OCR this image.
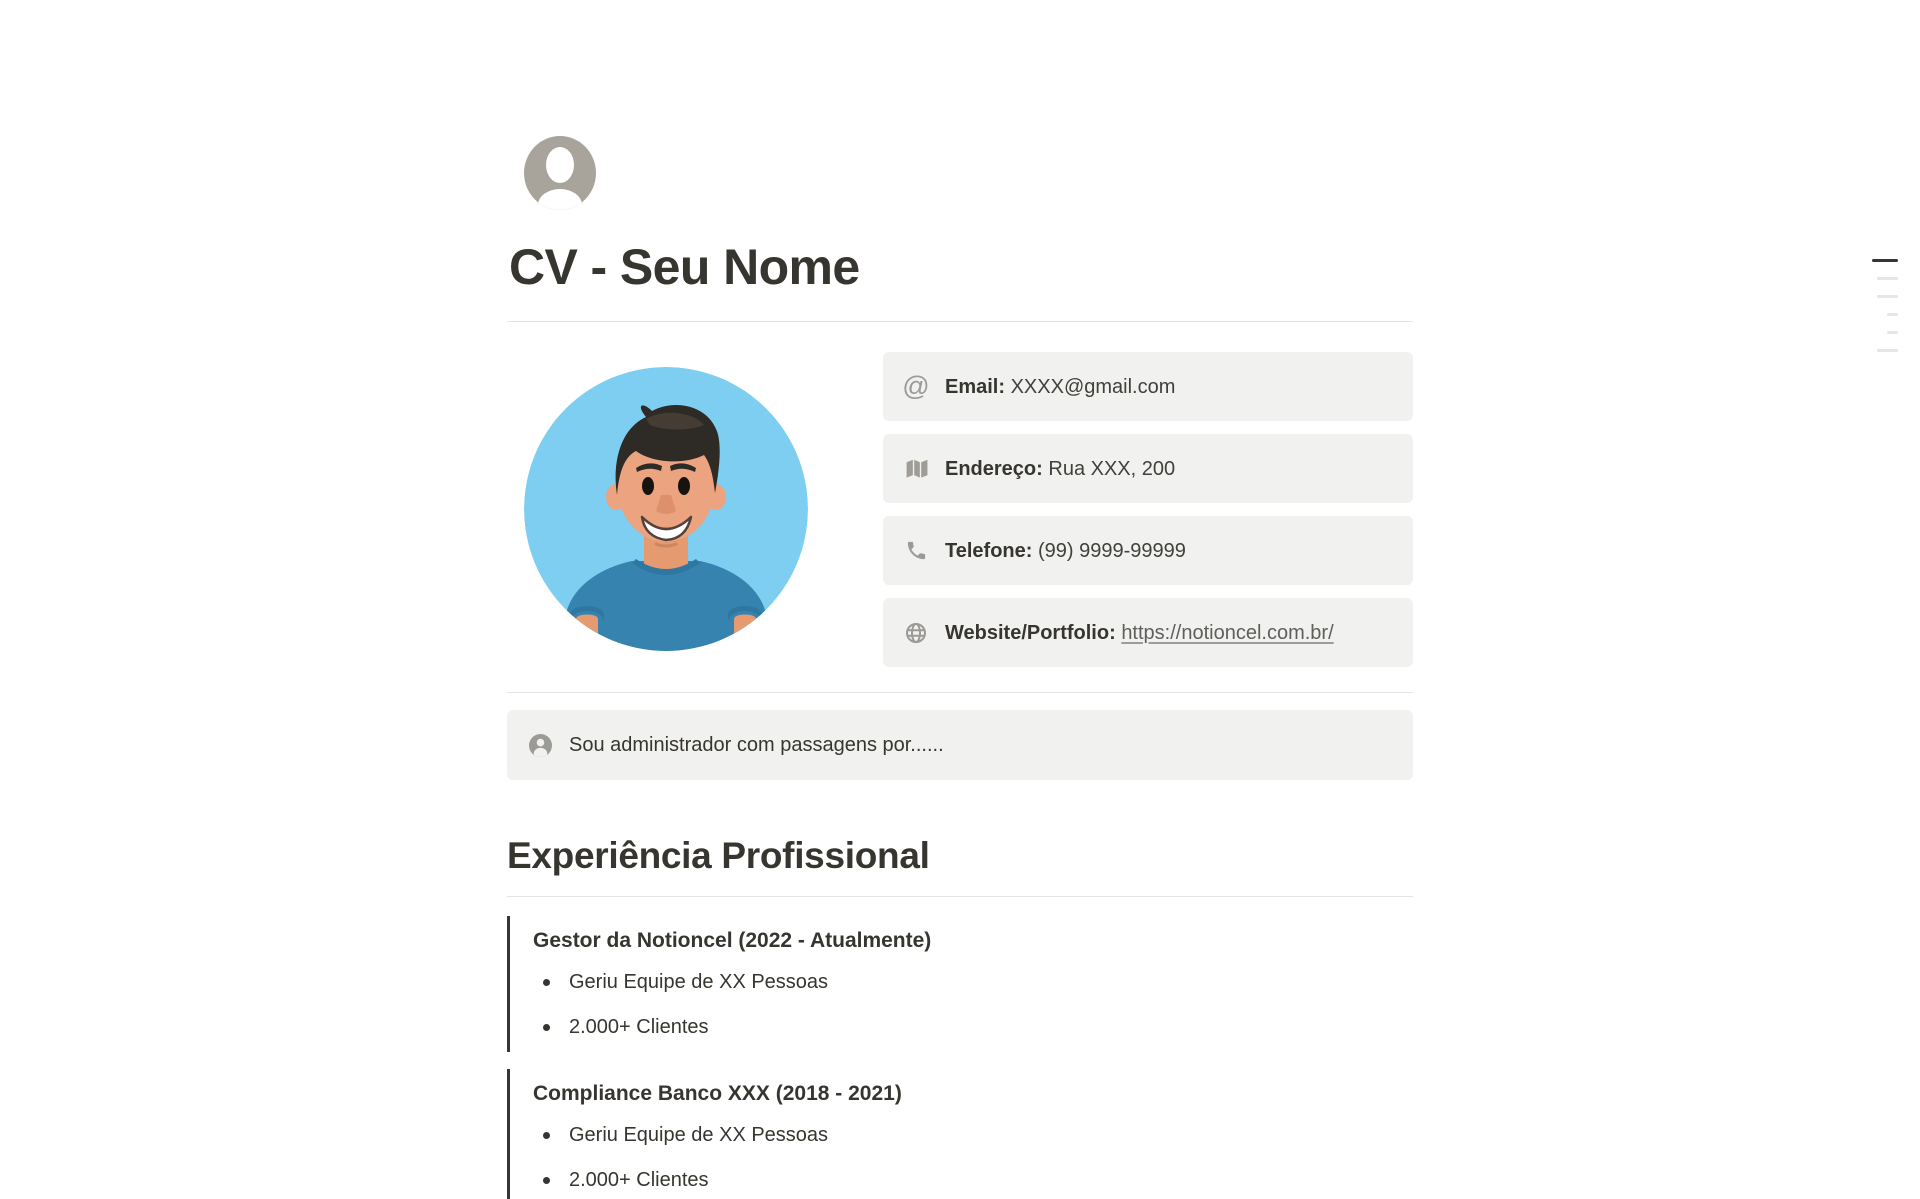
CV - Seu Nome
@ Email: XXXX@gmail.com
Endereço: Rua XXX, 200
Telefone: (99) 9999-99999
Website/Portfolio: https://notioncel.com.br/
Sou administrador com passagens por......
Experiência Profissional
Gestor da Notioncel (2022 - Atualmente)
Geriu Equipe de XX Pessoas
2.000+ Clientes
Compliance Banco XXX (2018 - 2021)
Geriu Equipe de XX Pessoas
2.000+ Clientes
